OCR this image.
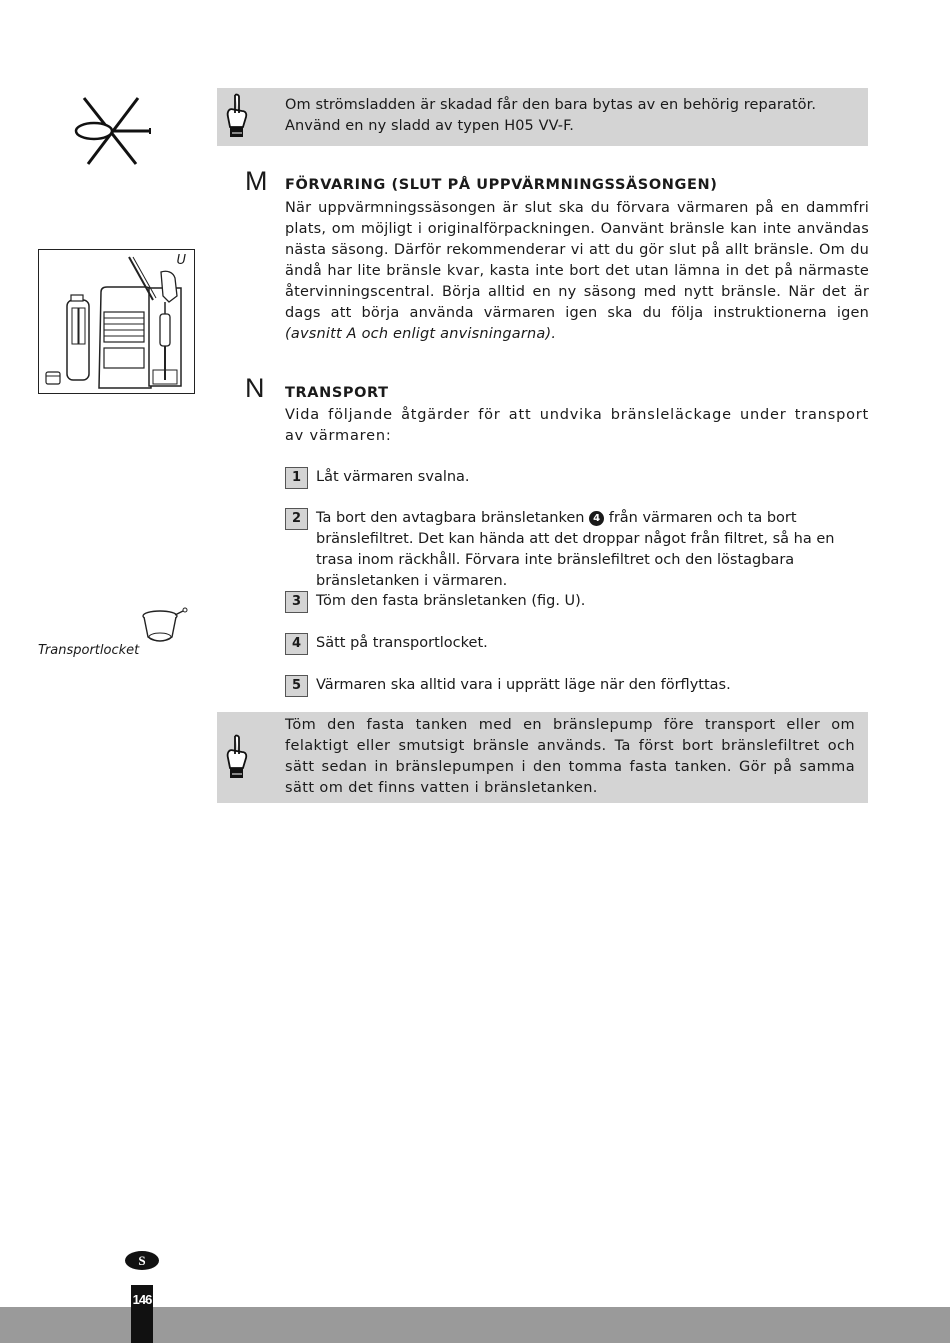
Om strömsladden är skadad får den bara bytas av en behörig reparatör. Använd en ny sladd av typen H05 VV-F.
M FÖRVARING (SLUT PÅ UPPVÄRMNINGSSÄSONGEN)
När uppvärmningssäsongen är slut ska du förvara värmaren på en dammfri plats, om möjligt i originalförpackningen. Oanvänt bränsle kan inte användas nästa säsong. Därför rekommenderar vi att du gör slut på allt bränsle. Om du ändå har lite bränsle kvar, kasta inte bort det utan lämna in det på närmaste återvinningscentral. Börja alltid en ny säsong med nytt bränsle. När det är dags att börja använda värmaren igen ska du följa instruktionerna igen (avsnitt A och enligt anvisningarna).
U
N TRANSPORT
Vida följande åtgärder för att undvika bränsleläckage under transport av värmaren:
1	Låt värmaren svalna.
2	Ta bort den avtagbara bränsletanken 4 från värmaren och ta bort bränslefiltret. Det kan hända att det droppar något från filtret, så ha en trasa inom räckhåll. Förvara inte bränslefiltret och den löstagbara bränsletanken i värmaren.
3	Töm den fasta bränsletanken (fig. U).
4	Sätt på transportlocket.
5	Värmaren ska alltid vara i upprätt läge när den förflyttas.
Transportlocket
Töm den fasta tanken med en bränslepump före transport eller om felaktigt eller smutsigt bränsle används. Ta först bort bränslefiltret och sätt sedan in bränslepumpen i den tomma fasta tanken. Gör på samma sätt om det finns vatten i bränsletanken.
146
S
